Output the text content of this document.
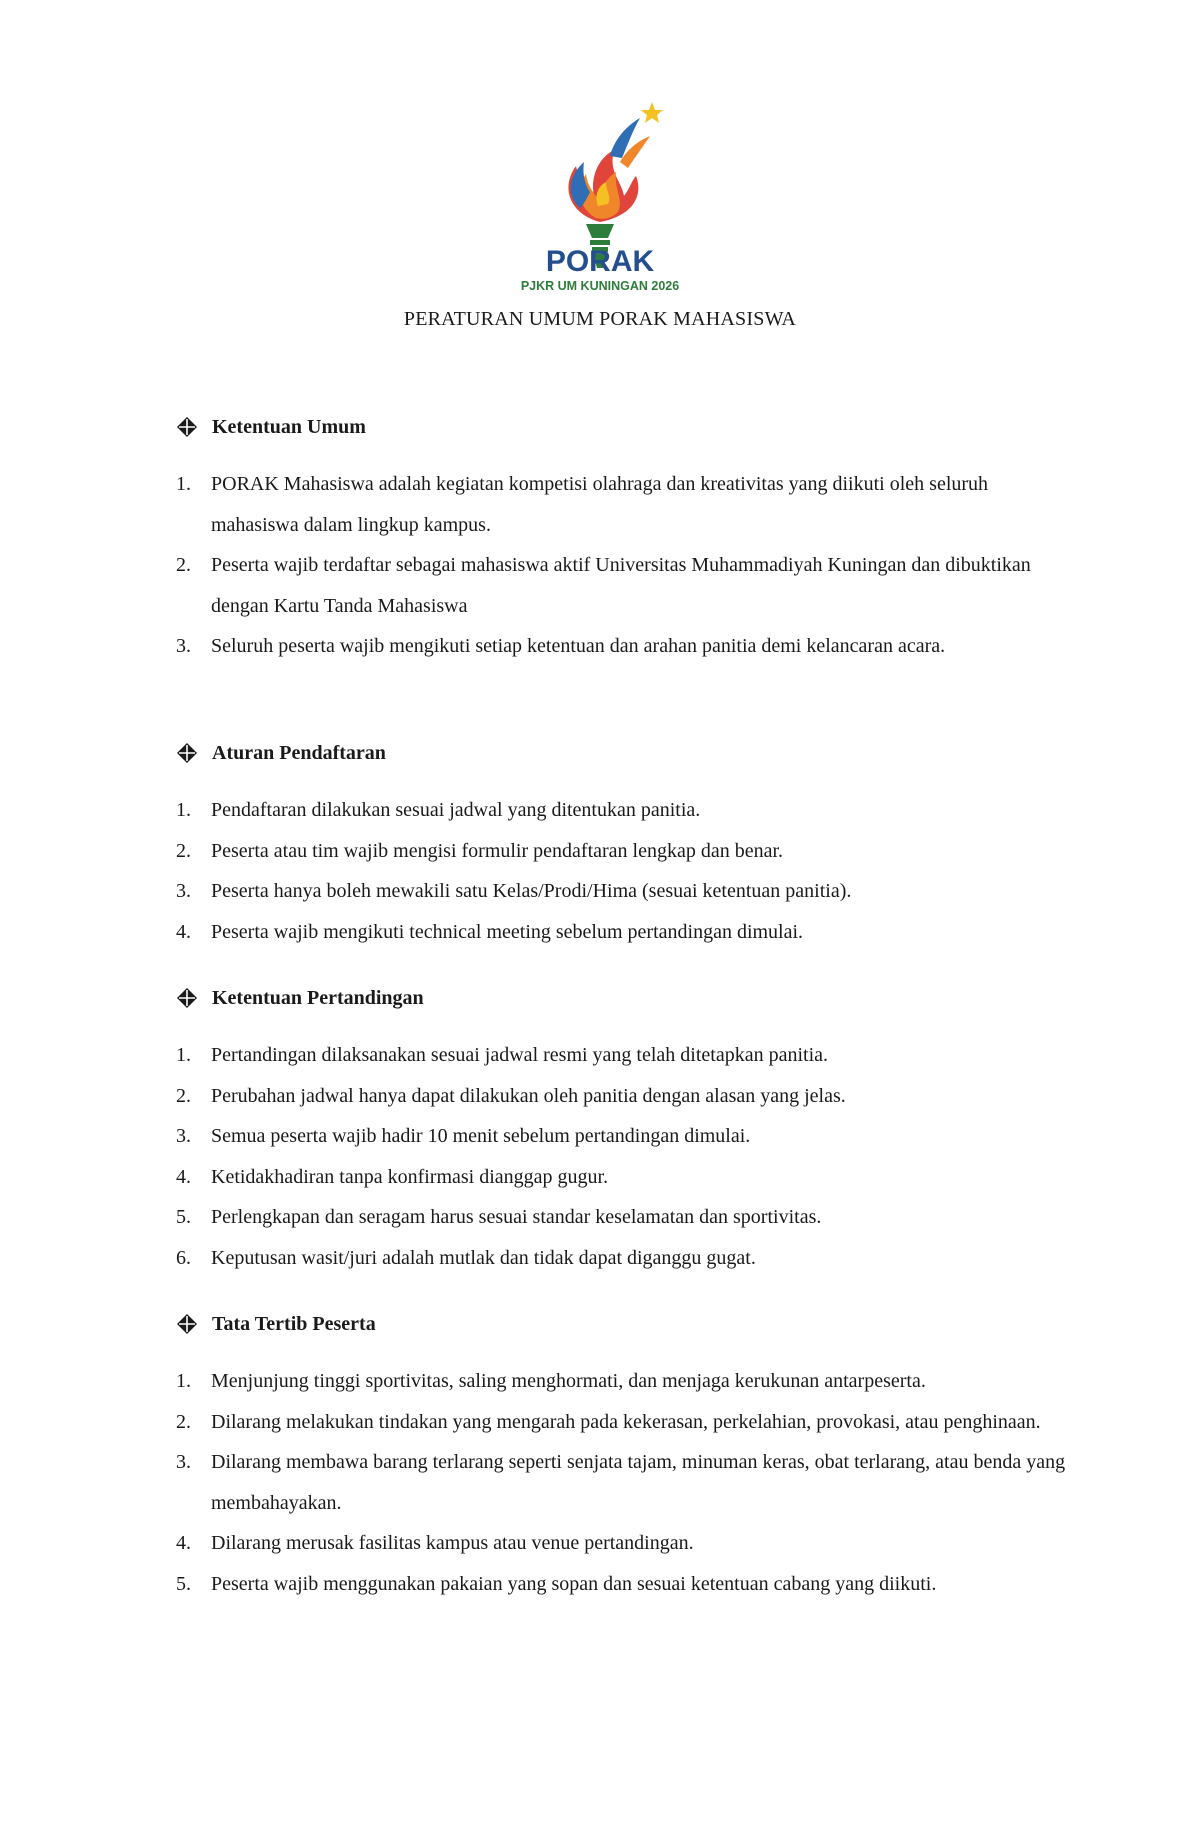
PORAK
PJKR UM KUNINGAN 2026
PERATURAN UMUM PORAK MAHASISWA
Ketentuan Umum
1. PORAK Mahasiswa adalah kegiatan kompetisi olahraga dan kreativitas yang diikuti oleh seluruh mahasiswa dalam lingkup kampus.
2. Peserta wajib terdaftar sebagai mahasiswa aktif Universitas Muhammadiyah Kuningan dan dibuktikan dengan Kartu Tanda Mahasiswa
3. Seluruh peserta wajib mengikuti setiap ketentuan dan arahan panitia demi kelancaran acara.
Aturan Pendaftaran
1. Pendaftaran dilakukan sesuai jadwal yang ditentukan panitia.
2. Peserta atau tim wajib mengisi formulir pendaftaran lengkap dan benar.
3. Peserta hanya boleh mewakili satu Kelas/Prodi/Hima (sesuai ketentuan panitia).
4. Peserta wajib mengikuti technical meeting sebelum pertandingan dimulai.
Ketentuan Pertandingan
1. Pertandingan dilaksanakan sesuai jadwal resmi yang telah ditetapkan panitia.
2. Perubahan jadwal hanya dapat dilakukan oleh panitia dengan alasan yang jelas.
3. Semua peserta wajib hadir 10 menit sebelum pertandingan dimulai.
4. Ketidakhadiran tanpa konfirmasi dianggap gugur.
5. Perlengkapan dan seragam harus sesuai standar keselamatan dan sportivitas.
6. Keputusan wasit/juri adalah mutlak dan tidak dapat diganggu gugat.
Tata Tertib Peserta
1. Menjunjung tinggi sportivitas, saling menghormati, dan menjaga kerukunan antarpeserta.
2. Dilarang melakukan tindakan yang mengarah pada kekerasan, perkelahian, provokasi, atau penghinaan.
3. Dilarang membawa barang terlarang seperti senjata tajam, minuman keras, obat terlarang, atau benda yang membahayakan.
4. Dilarang merusak fasilitas kampus atau venue pertandingan.
5. Peserta wajib menggunakan pakaian yang sopan dan sesuai ketentuan cabang yang diikuti.
